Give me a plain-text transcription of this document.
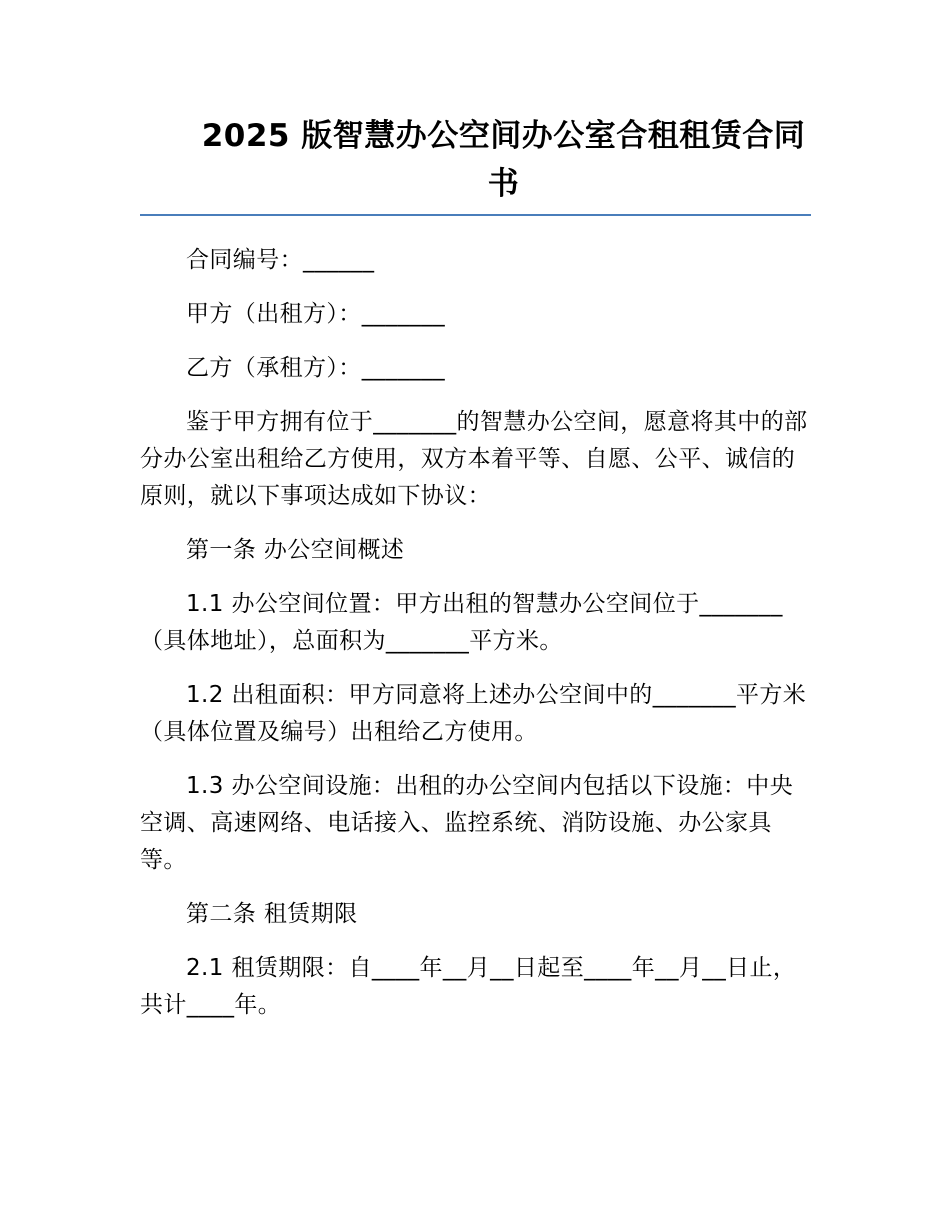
2025 版智慧办公空间办公室合租租赁合同书

合同编号：______

甲方（出租方）：_______

乙方（承租方）：_______

鉴于甲方拥有位于_______的智慧办公空间，愿意将其中的部分办公室出租给乙方使用，双方本着平等、自愿、公平、诚信的原则，就以下事项达成如下协议：

第一条 办公空间概述

1.1 办公空间位置：甲方出租的智慧办公空间位于_______（具体地址），总面积为_______平方米。

1.2 出租面积：甲方同意将上述办公空间中的_______平方米（具体位置及编号）出租给乙方使用。

1.3 办公空间设施：出租的办公空间内包括以下设施：中央空调、高速网络、电话接入、监控系统、消防设施、办公家具等。

第二条 租赁期限

2.1 租赁期限：自____年__月__日起至____年__月__日止，共计____年。
